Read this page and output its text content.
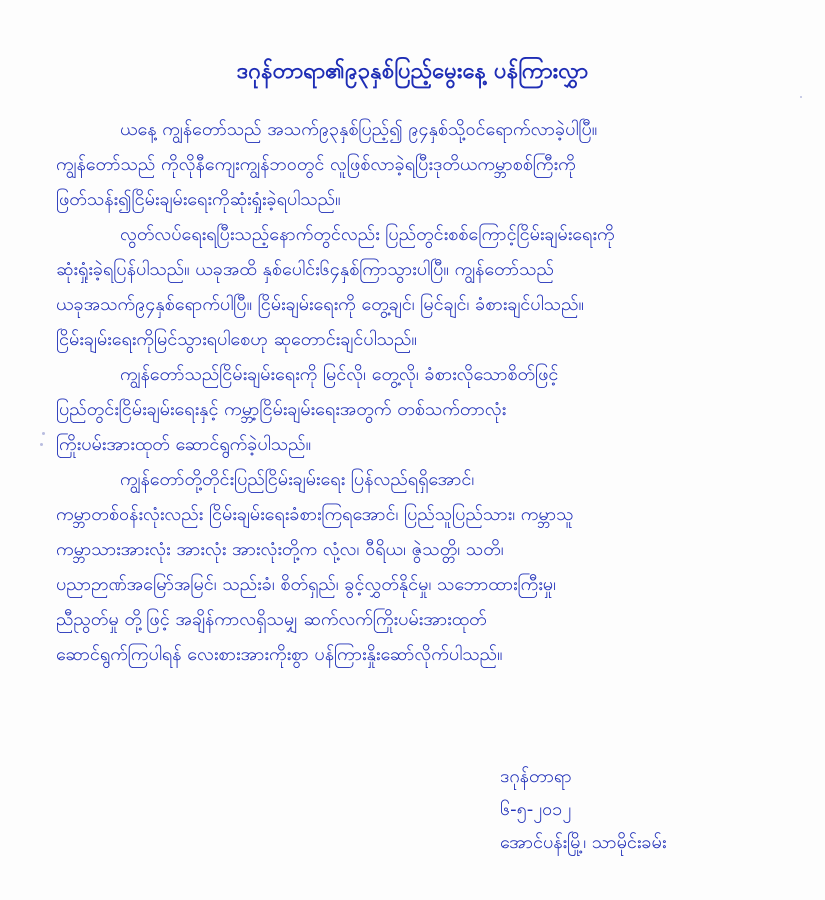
ဒဂုန်တာရာ၏၉၃နှစ်ပြည့်မွေးနေ့ ပန်ကြားလွှာ

ယနေ့ ကျွန်တော်သည် အသက်၉၃နှစ်ပြည့်၍ ၉၄နှစ်သို့ဝင်ရောက်လာခဲ့ပါပြီ။
ကျွန်တော်သည် ကိုလိုနီကျေးကျွန်ဘဝတွင် လူဖြစ်လာခဲ့ရပြီးဒုတိယကမ္ဘာစစ်ကြီးကို
ဖြတ်သန်း၍ငြိမ်းချမ်းရေးကိုဆုံးရှုံးခဲ့ရပါသည်။

လွတ်လပ်ရေးရပြီးသည့်နောက်တွင်လည်း ပြည်တွင်းစစ်ကြောင့်ငြိမ်းချမ်းရေးကို
ဆုံးရှုံးခဲ့ရပြန်ပါသည်။ ယခုအထိ နှစ်ပေါင်း၆၄နှစ်ကြာသွားပါပြီ။ ကျွန်တော်သည်
ယခုအသက်၉၄နှစ်ရောက်ပါပြီ။ ငြိမ်းချမ်းရေးကို တွေ့ချင်၊ မြင်ချင်၊ ခံစားချင်ပါသည်။
ငြိမ်းချမ်းရေးကိုမြင်သွားရပါစေဟု ဆုတောင်းချင်ပါသည်။

ကျွန်တော်သည်ငြိမ်းချမ်းရေးကို မြင်လို၊ တွေ့လို၊ ခံစားလိုသောစိတ်ဖြင့်
ပြည်တွင်းငြိမ်းချမ်းရေးနှင့် ကမ္ဘာ့ငြိမ်းချမ်းရေးအတွက် တစ်သက်တာလုံး
ကြိုးပမ်းအားထုတ် ဆောင်ရွက်ခဲ့ပါသည်။

ကျွန်တော်တို့တိုင်းပြည်ငြိမ်းချမ်းရေး ပြန်လည်ရရှိအောင်၊
ကမ္ဘာတစ်ဝန်းလုံးလည်း ငြိမ်းချမ်းရေးခံစားကြရအောင်၊ ပြည်သူပြည်သား၊ ကမ္ဘာသူ
ကမ္ဘာသားအားလုံး အားလုံး အားလုံးတို့က လုံ့လ၊ ဝီရိယ၊ ဇွဲသတ္တိ၊ သတိ၊
ပညာဉာဏ်အမြော်အမြင်၊ သည်းခံ၊ စိတ်ရှည်၊ ခွင့်လွှတ်နိုင်မှု၊ သဘောထားကြီးမှု၊
ညီညွတ်မှု တို့ဖြင့် အချိန်ကာလရှိသမျှ ဆက်လက်ကြိုးပမ်းအားထုတ်
ဆောင်ရွက်ကြပါရန် လေးစားအားကိုးစွာ ပန်ကြားနှိုးဆော်လိုက်ပါသည်။

ဒဂုန်တာရာ
၆-၅-၂၀၁၂
အောင်ပန်းမြို့၊ သာမိုင်းခမ်း
